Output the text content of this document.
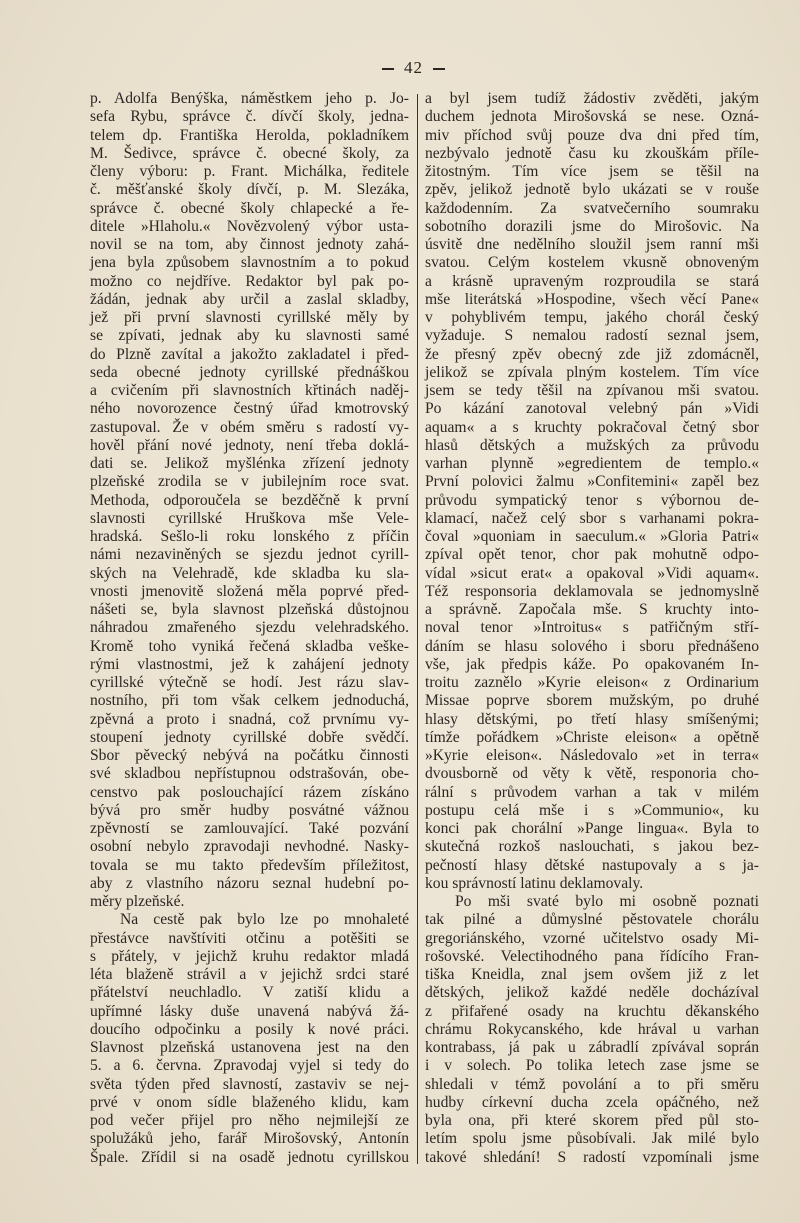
42
p. Adolfa Benýška, náměstkem jeho p. Jo-
sefa Rybu, správce č. dívčí školy, jedna-
telem dp. Františka Herolda, pokladníkem
M. Šedivce, správce č. obecné školy, za
členy výboru: p. Frant. Michálka, ředitele
č. měšťanské školy dívčí, p. M. Slezáka,
správce č. obecné školy chlapecké a ře-
ditele »Hlaholu.« Novězvolený výbor usta-
novil se na tom, aby činnost jednoty zahá-
jena byla způsobem slavnostním a to pokud
možno co nejdříve. Redaktor byl pak po-
žádán, jednak aby určil a zaslal skladby,
jež při první slavnosti cyrillské měly by
se zpívati, jednak aby ku slavnosti samé
do Plzně zavítal a jakožto zakladatel i před-
seda obecné jednoty cyrillské přednáškou
a cvičením při slavnostních křtinách naděj-
ného novorozence čestný úřad kmotrovský
zastupoval. Že v obém směru s radostí vy-
hověl přání nové jednoty, není třeba doklá-
dati se. Jelikož myšlénka zřízení jednoty
plzeňské zrodila se v jubilejním roce svat.
Methoda, odporoučela se bezděčně k první
slavnosti cyrillské Hruškova mše Vele-
hradská. Sešlo-li roku lonského z příčin
námi nezaviněných se sjezdu jednot cyrill-
ských na Velehradě, kde skladba ku sla-
vnosti jmenovitě složená měla poprvé před-
nášeti se, byla slavnost plzeňská důstojnou
náhradou zmařeného sjezdu velehradského.
Kromě toho vyniká řečená skladba veške-
rými vlastnostmi, jež k zahájení jednoty
cyrillské výtečně se hodí. Jest rázu slav-
nostního, při tom však celkem jednoduchá,
zpěvná a proto i snadná, což prvnímu vy-
stoupení jednoty cyrillské dobře svědčí.
Sbor pěvecký nebývá na počátku činnosti
své skladbou nepřístupnou odstrašován, obe-
censtvo pak poslouchající rázem získáno
bývá pro směr hudby posvátné vážnou
zpěvností se zamlouvající. Také pozvání
osobní nebylo zpravodaji nevhodné. Nasky-
tovala se mu takto především příležitost,
aby z vlastního názoru seznal hudební po-
měry plzeňské.
Na cestě pak bylo lze po mnohaleté
přestávce navštíviti otčinu a potěšiti se
s přátely, v jejichž kruhu redaktor mladá
léta blaženě strávil a v jejichž srdci staré
přátelství neuchladlo. V zatiší klidu a
upřímné lásky duše unavená nabývá žá-
doucího odpočinku a posily k nové práci.
Slavnost plzeňská ustanovena jest na den
5. a 6. června. Zpravodaj vyjel si tedy do
světa týden před slavností, zastaviv se nej-
prvé v onom sídle blaženého klidu, kam
pod večer přijel pro něho nejmilejší ze
spolužáků jeho, farář Mirošovský, Antonín
Špale. Zřídil si na osadě jednotu cyrillskou
a byl jsem tudíž žádostiv zvěděti, jakým
duchem jednota Mirošovská se nese. Ozná-
miv příchod svůj pouze dva dni před tím,
nezbývalo jednotě času ku zkouškám příle-
žitostným. Tím více jsem se těšil na
zpěv, jelikož jednotě bylo ukázati se v rouše
každodenním. Za svatvečerního soumraku
sobotního dorazili jsme do Mirošovic. Na
úsvitě dne nedělního sloužil jsem ranní mši
svatou. Celým kostelem vkusně obnoveným
a krásně upraveným rozproudila se stará
mše literátská »Hospodine, všech věcí Pane«
v pohyblivém tempu, jakého chorál český
vyžaduje. S nemalou radostí seznal jsem,
že přesný zpěv obecný zde již zdomácněl,
jelikož se zpívala plným kostelem. Tím více
jsem se tedy těšil na zpívanou mši svatou.
Po kázání zanotoval velebný pán »Vidi
aquam« a s kruchty pokračoval četný sbor
hlasů dětských a mužských za průvodu
varhan plynně »egredientem de templo.«
První polovici žalmu »Confitemini« zapěl bez
průvodu sympatický tenor s výbornou de-
klamací, načež celý sbor s varhanami pokra-
čoval »quoniam in saeculum.« »Gloria Patri«
zpíval opět tenor, chor pak mohutně odpo-
vídal »sicut erat« a opakoval »Vidi aquam«.
Též responsoria deklamovala se jednomyslně
a správně. Započala mše. S kruchty into-
noval tenor »Introitus« s patřičným stří-
dáním se hlasu solového i sboru přednášeno
vše, jak předpis káže. Po opakovaném In-
troitu zaznělo »Kyrie eleison« z Ordinarium
Missae poprve sborem mužským, po druhé
hlasy dětskými, po třetí hlasy smíšenými;
tímže pořádkem »Christe eleison« a opětně
»Kyrie eleison«. Následovalo »et in terra«
dvousborně od věty k větě, responoria cho-
rální s průvodem varhan a tak v milém
postupu celá mše i s »Communio«, ku
konci pak chorální »Pange lingua«. Byla to
skutečná rozkoš naslouchati, s jakou bez-
pečností hlasy dětské nastupovaly a s ja-
kou správností latinu deklamovaly.
Po mši svaté bylo mi osobně poznati
tak pilné a důmyslné pěstovatele chorálu
gregoriánského, vzorné učitelstvo osady Mi-
rošovské. Velectihodného pana řídícího Fran-
tiška Kneidla, znal jsem ovšem již z let
dětských, jelikož každé neděle docházíval
z přifařené osady na kruchtu děkanského
chrámu Rokycanského, kde hrával u varhan
kontrabass, já pak u zábradlí zpívával soprán
i v solech. Po tolika letech zase jsme se
shledali v témž povolání a to při směru
hudby církevní ducha zcela opáčného, než
byla ona, při které skorem před půl sto-
letím spolu jsme působívali. Jak milé bylo
takové shledání! S radostí vzpomínali jsme
